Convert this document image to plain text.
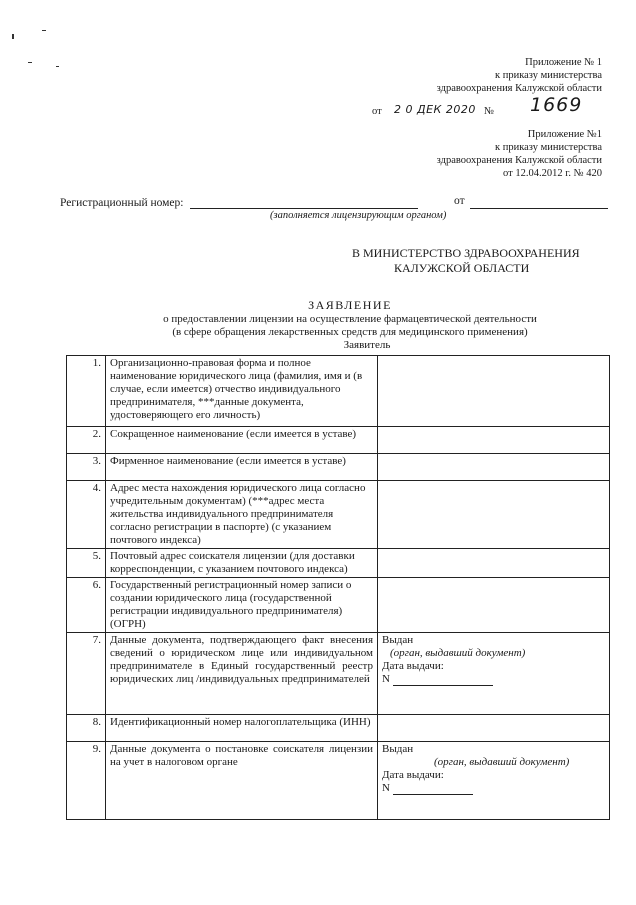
Приложение № 1
к приказу министерства
здравоохранения Калужской области
от 2 0 ДЕК 2020 № 1669
Приложение №1
к приказу министерства
здравоохранения Калужской области
от 12.04.2012 г. № 420
Регистрационный номер:	от
(заполняется лицензирующим органом)
В МИНИСТЕРСТВО ЗДРАВООХРАНЕНИЯ
КАЛУЖСКОЙ ОБЛАСТИ
ЗАЯВЛЕНИЕ
о предоставлении лицензии на осуществление фармацевтической деятельности
(в сфере обращения лекарственных средств для медицинского применения)
Заявитель
1.	Организационно-правовая форма и полное наименование юридического лица (фамилия, имя и (в случае, если имеется) отчество индивидуального предпринимателя, ***данные документа, удостоверяющего его личность)	
2.	Сокращенное наименование (если имеется в уставе)	
3.	Фирменное наименование (если имеется в уставе)	
4.	Адрес места нахождения юридического лица согласно учредительным документам) (***адрес места жительства индивидуального предпринимателя согласно регистрации в паспорте) (с указанием почтового индекса)	
5.	Почтовый адрес соискателя лицензии (для доставки корреспонденции, с указанием почтового индекса)	
6.	Государственный регистрационный номер записи о создании юридического лица (государственной регистрации индивидуального предпринимателя) (ОГРН)	
7.	Данные документа, подтверждающего факт внесения сведений о юридическом лице или индивидуальном предпринимателе в Единый государственный реестр юридических лиц /индивидуальных предпринимателей	Выдан
(орган, выдавший документ)
Дата выдачи:
N

8.	Идентификационный номер налогоплательщика (ИНН)	
9.	Данные документа о постановке соискателя лицензии на учет в налоговом органе	Выдан
(орган, выдавший документ)
Дата выдачи:
N
